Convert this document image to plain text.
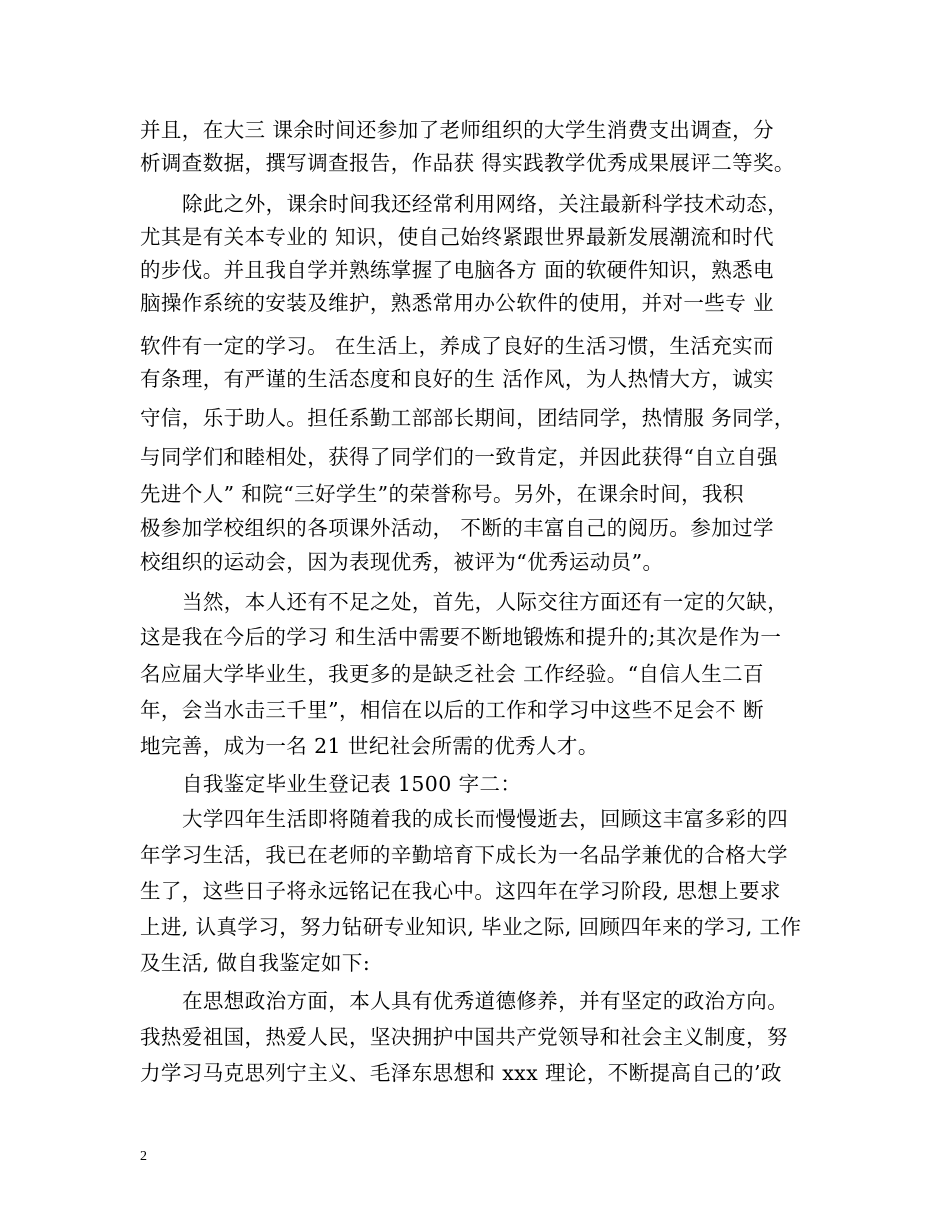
并且，在大三 课余时间还参加了老师组织的大学生消费支出调查，分
析调查数据，撰写调查报告，作品获 得实践教学优秀成果展评二等奖。
除此之外，课余时间我还经常利用网络，关注最新科学技术动态，
尤其是有关本专业的 知识，使自己始终紧跟世界最新发展潮流和时代
的步伐。并且我自学并熟练掌握了电脑各方 面的软硬件知识，熟悉电
脑操作系统的安装及维护，熟悉常用办公软件的使用，并对一些专 业
软件有一定的学习。 在生活上，养成了良好的生活习惯，生活充实而
有条理，有严谨的生活态度和良好的生 活作风，为人热情大方，诚实
守信，乐于助人。担任系勤工部部长期间，团结同学，热情服 务同学，
与同学们和睦相处，获得了同学们的一致肯定，并因此获得“自立自强
先进个人” 和院“三好学生”的荣誉称号。另外，在课余时间，我积
极参加学校组织的各项课外活动， 不断的丰富自己的阅历。参加过学
校组织的运动会，因为表现优秀，被评为“优秀运动员”。
当然，本人还有不足之处，首先，人际交往方面还有一定的欠缺，
这是我在今后的学习 和生活中需要不断地锻炼和提升的;其次是作为一
名应届大学毕业生，我更多的是缺乏社会 工作经验。“自信人生二百
年，会当水击三千里”，相信在以后的工作和学习中这些不足会不 断
地完善，成为一名 21 世纪社会所需的优秀人才。
自我鉴定毕业生登记表 1500 字二：
大学四年生活即将随着我的成长而慢慢逝去，回顾这丰富多彩的四
年学习生活，我已在老师的辛勤培育下成长为一名品学兼优的合格大学
生了，这些日子将永远铭记在我心中。这四年在学习阶段, 思想上要求
上进, 认真学习，努力钻研专业知识, 毕业之际, 回顾四年来的学习, 工作
及生活, 做自我鉴定如下:
在思想政治方面，本人具有优秀道德修养，并有坚定的政治方向。
我热爱祖国，热爱人民，坚决拥护中国共产党领导和社会主义制度，努
力学习马克思列宁主义、毛泽东思想和 xxx 理论，不断提高自己的’政
2
